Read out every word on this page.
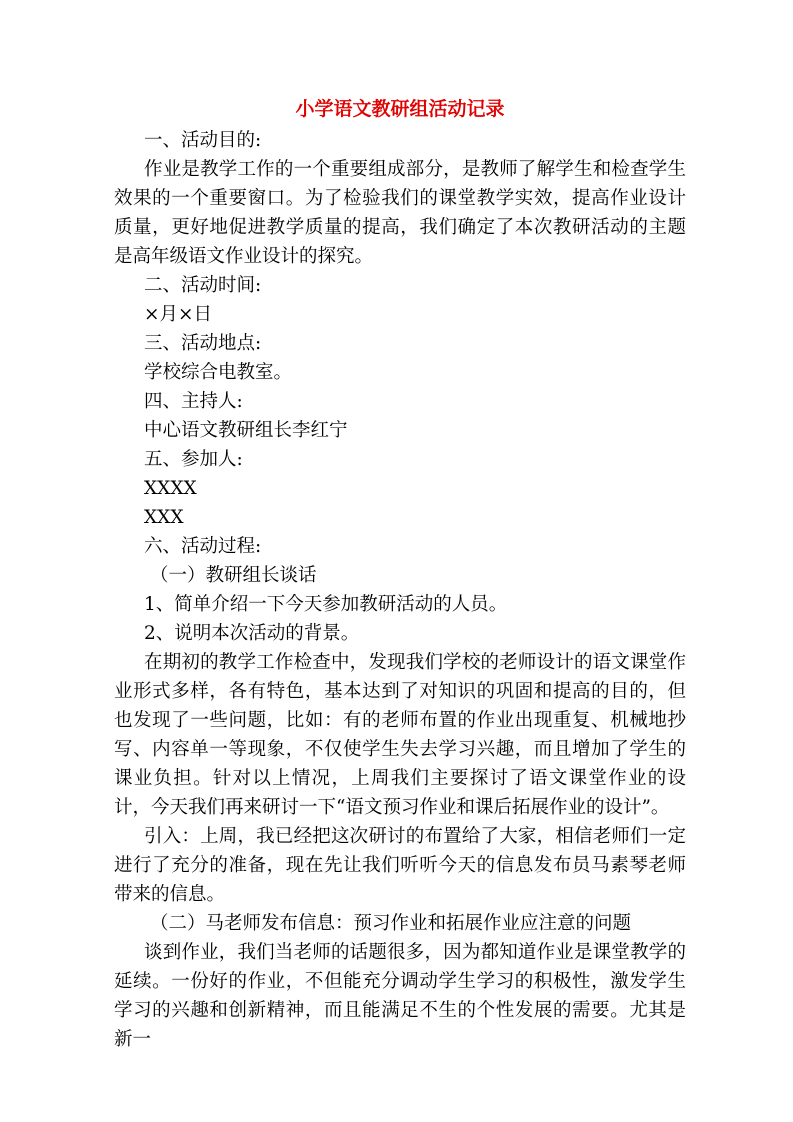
小学语文教研组活动记录

一、活动目的:

作业是教学工作的一个重要组成部分，是教师了解学生和检查学生效果的一个重要窗口。为了检验我们的课堂教学实效，提高作业设计质量，更好地促进教学质量的提高，我们确定了本次教研活动的主题是高年级语文作业设计的探究。

二、活动时间:

×月×日

三、活动地点:

学校综合电教室。

四、主持人:

中心语文教研组长李红宁

五、参加人:

XXXX

XXX

六、活动过程:

（一）教研组长谈话

1、简单介绍一下今天参加教研活动的人员。

2、说明本次活动的背景。

在期初的教学工作检查中，发现我们学校的老师设计的语文课堂作业形式多样，各有特色，基本达到了对知识的巩固和提高的目的，但也发现了一些问题，比如：有的老师布置的作业出现重复、机械地抄写、内容单一等现象，不仅使学生失去学习兴趣，而且增加了学生的课业负担。针对以上情况，上周我们主要探讨了语文课堂作业的设计，今天我们再来研讨一下“语文预习作业和课后拓展作业的设计”。

引入：上周，我已经把这次研讨的布置给了大家，相信老师们一定进行了充分的准备，现在先让我们听听今天的信息发布员马素琴老师带来的信息。

（二）马老师发布信息：预习作业和拓展作业应注意的问题

谈到作业，我们当老师的话题很多，因为都知道作业是课堂教学的延续。一份好的作业，不但能充分调动学生学习的积极性，激发学生学习的兴趣和创新精神，而且能满足不生的个性发展的需要。尤其是新一
